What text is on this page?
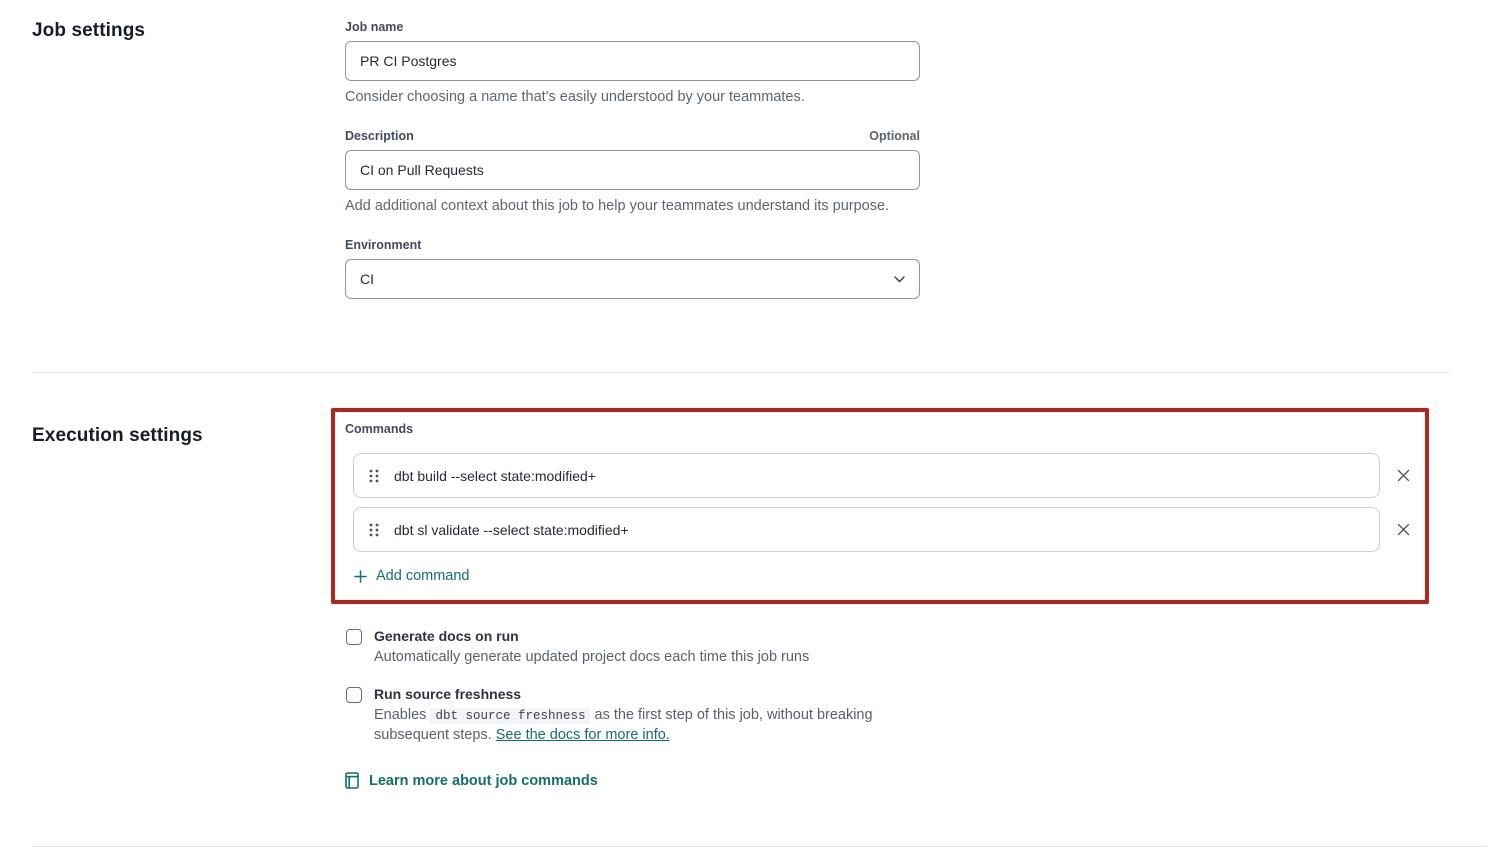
Job settings	Job name
PR CI Postgres

Consider choosing a name that's easily understood by your teammates.

Description	Optional
CI on Pull Requests

Add additional context about this job to help your teammates understand its purpose.

Environment
CI
Execution settings	Commands
dbt build --select state:modified+
dbt sl validate --select state:modified+
Add command
Generate docs on run
Automatically generate updated project docs each time this job runs
Run source freshness
Enables dbt source freshness as the first step of this job, without breaking subsequent steps. See the docs for more info.
Learn more about job commands
